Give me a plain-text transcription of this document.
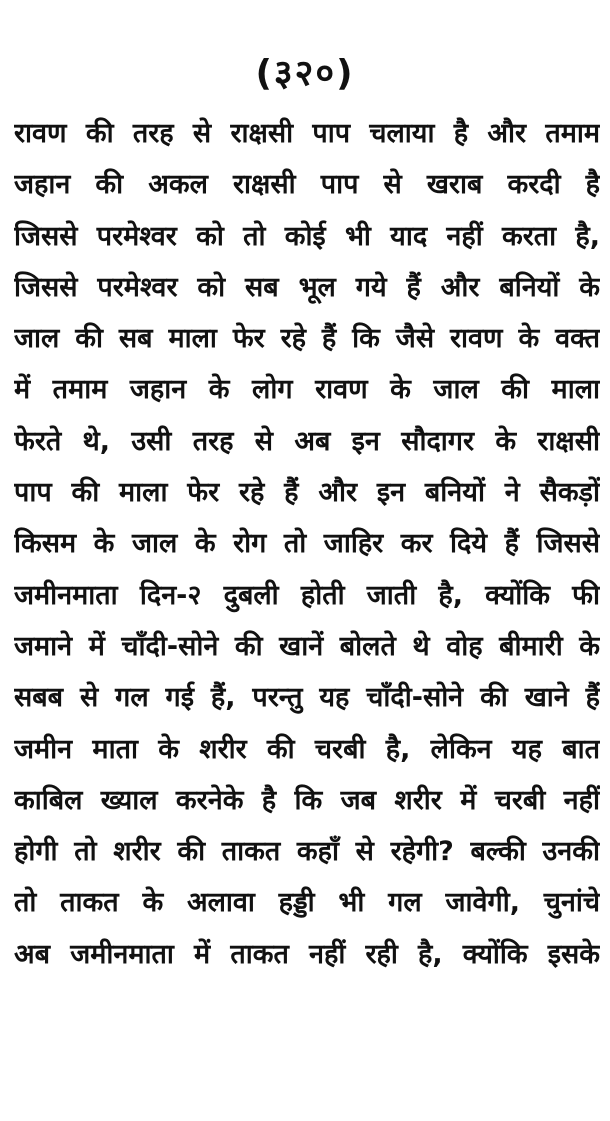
(३२०)
रावण की तरह से राक्षसी पाप चलाया है और तमाम
जहान की अकल राक्षसी पाप से खराब करदी है
जिससे परमेश्वर को तो कोई भी याद नहीं करता है,
जिससे परमेश्वर को सब भूल गये हैं और बनियों के
जाल की सब माला फेर रहे हैं कि जैसे रावण के वक्त
में तमाम जहान के लोग रावण के जाल की माला
फेरते थे, उसी तरह से अब इन सौदागर के राक्षसी
पाप की माला फेर रहे हैं और इन बनियों ने सैकड़ों
किसम के जाल के रोग तो जाहिर कर दिये हैं जिससे
जमीनमाता दिन-२ दुबली होती जाती है, क्योंकि फी
जमाने में चाँदी-सोने की खानें बोलते थे वोह बीमारी के
सबब से गल गई हैं, परन्तु यह चाँदी-सोने की खाने हैं
जमीन माता के शरीर की चरबी है, लेकिन यह बात
काबिल ख्याल करनेके है कि जब शरीर में चरबी नहीं
होगी तो शरीर की ताकत कहाँ से रहेगी? बल्की उनकी
तो ताकत के अलावा हड्डी भी गल जावेगी, चुनांचे
अब जमीनमाता में ताकत नहीं रही है, क्योंकि इसके
